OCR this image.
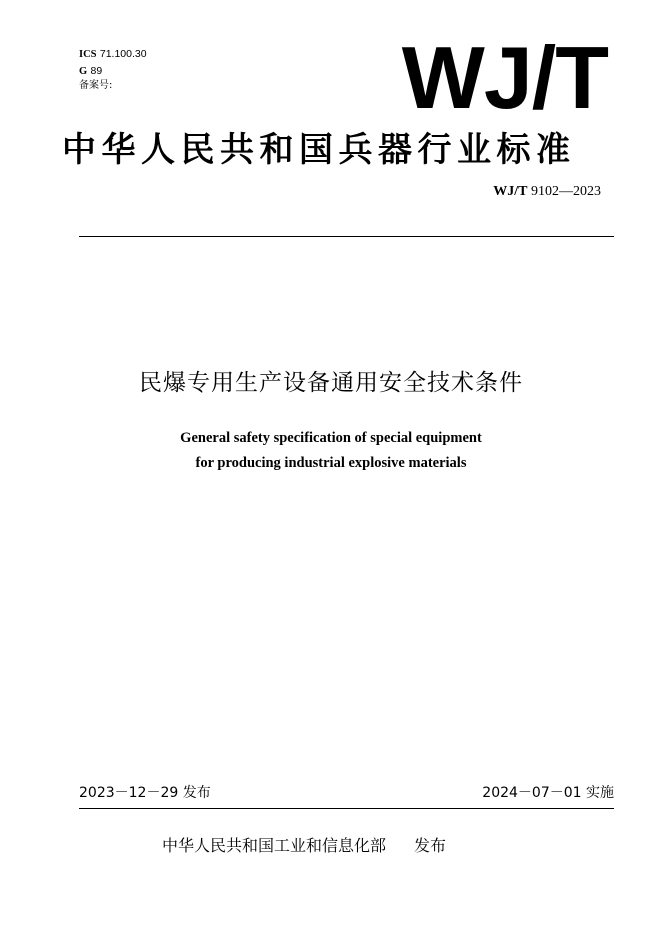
ICS 71.100.30
G 89
备案号:	WJ/T
中华人民共和国兵器行业标准
WJ/T 9102—2023
民爆专用生产设备通用安全技术条件
General safety specification of special equipment
for producing industrial explosive materials
2023－12－29 发布	2024－07－01 实施
中华人民共和国工业和信息化部 发布
